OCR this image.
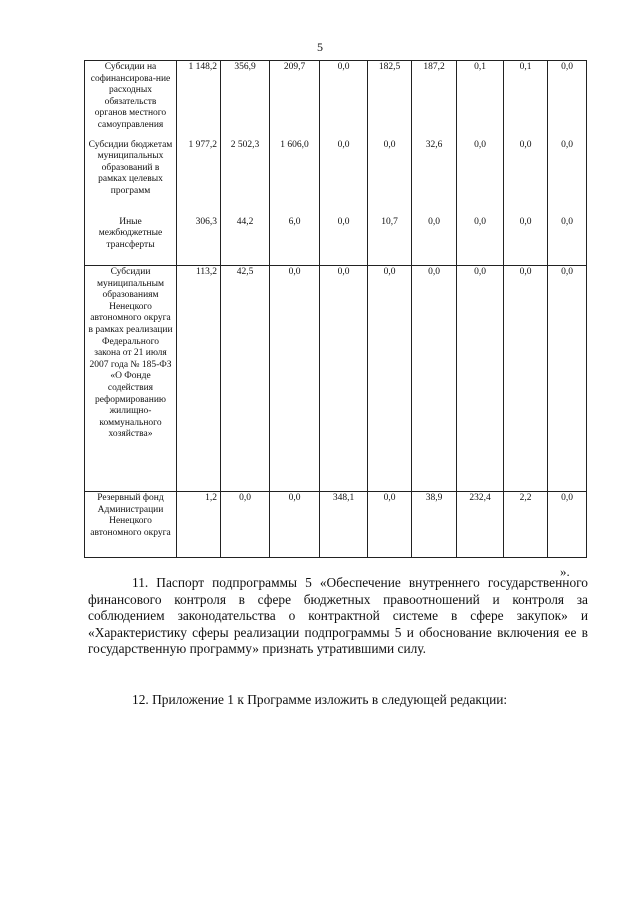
5
Субсидии на софинансирова-ние расходных обязательств органов местного самоуправления	1 148,2	356,9	209,7	0,0	182,5	187,2	0,1	0,1	0,0
Субсидии бюджетам муниципальных образований в рамках целевых программ	1 977,2	2 502,3	1 606,0	0,0	0,0	32,6	0,0	0,0	0,0
Иные межбюджетные трансферты	306,3	44,2	6,0	0,0	10,7	0,0	0,0	0,0	0,0
Субсидии муниципальным образованиям Ненецкого автономного округа в рамках реализации Федерального закона от 21 июля 2007 года № 185-ФЗ «О Фонде содействия реформированию жилищно-коммунального хозяйства»	113,2	42,5	0,0	0,0	0,0	0,0	0,0	0,0	0,0
Резервный фонд Администрации Ненецкого автономного округа	1,2	0,0	0,0	348,1	0,0	38,9	232,4	2,2	0,0
».

11. Паспорт подпрограммы 5 «Обеспечение внутреннего государственного финансового контроля в сфере бюджетных правоотношений и контроля за соблюдением законодательства о контрактной системе в сфере закупок» и «Характеристику сферы реализации подпрограммы 5 и обоснование включения ее в государственную программу» признать утратившими силу.

12. Приложение 1 к Программе изложить в следующей редакции:
